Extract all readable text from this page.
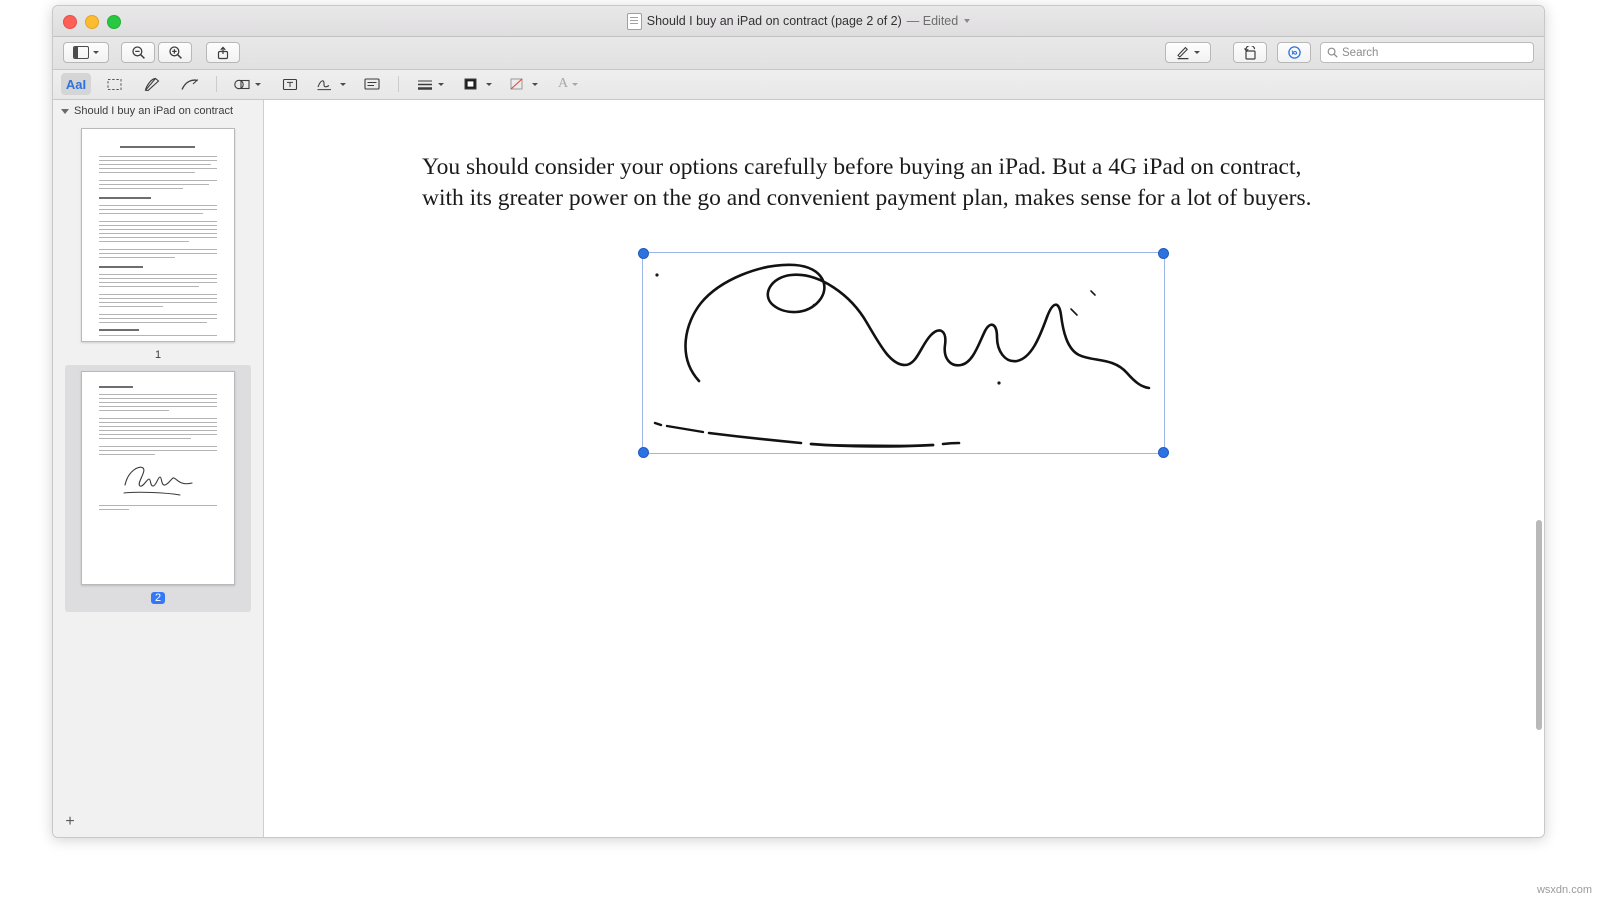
Should I buy an iPad on contract (page 2 of 2) — Edited
Search
AaI	A
Should I buy an iPad on contract
1
2
+

You should consider your options carefully before buying an iPad. But a 4G iPad on contract, with its greater power on the go and convenient payment plan, makes sense for a lot of buyers.

wsxdn.com
